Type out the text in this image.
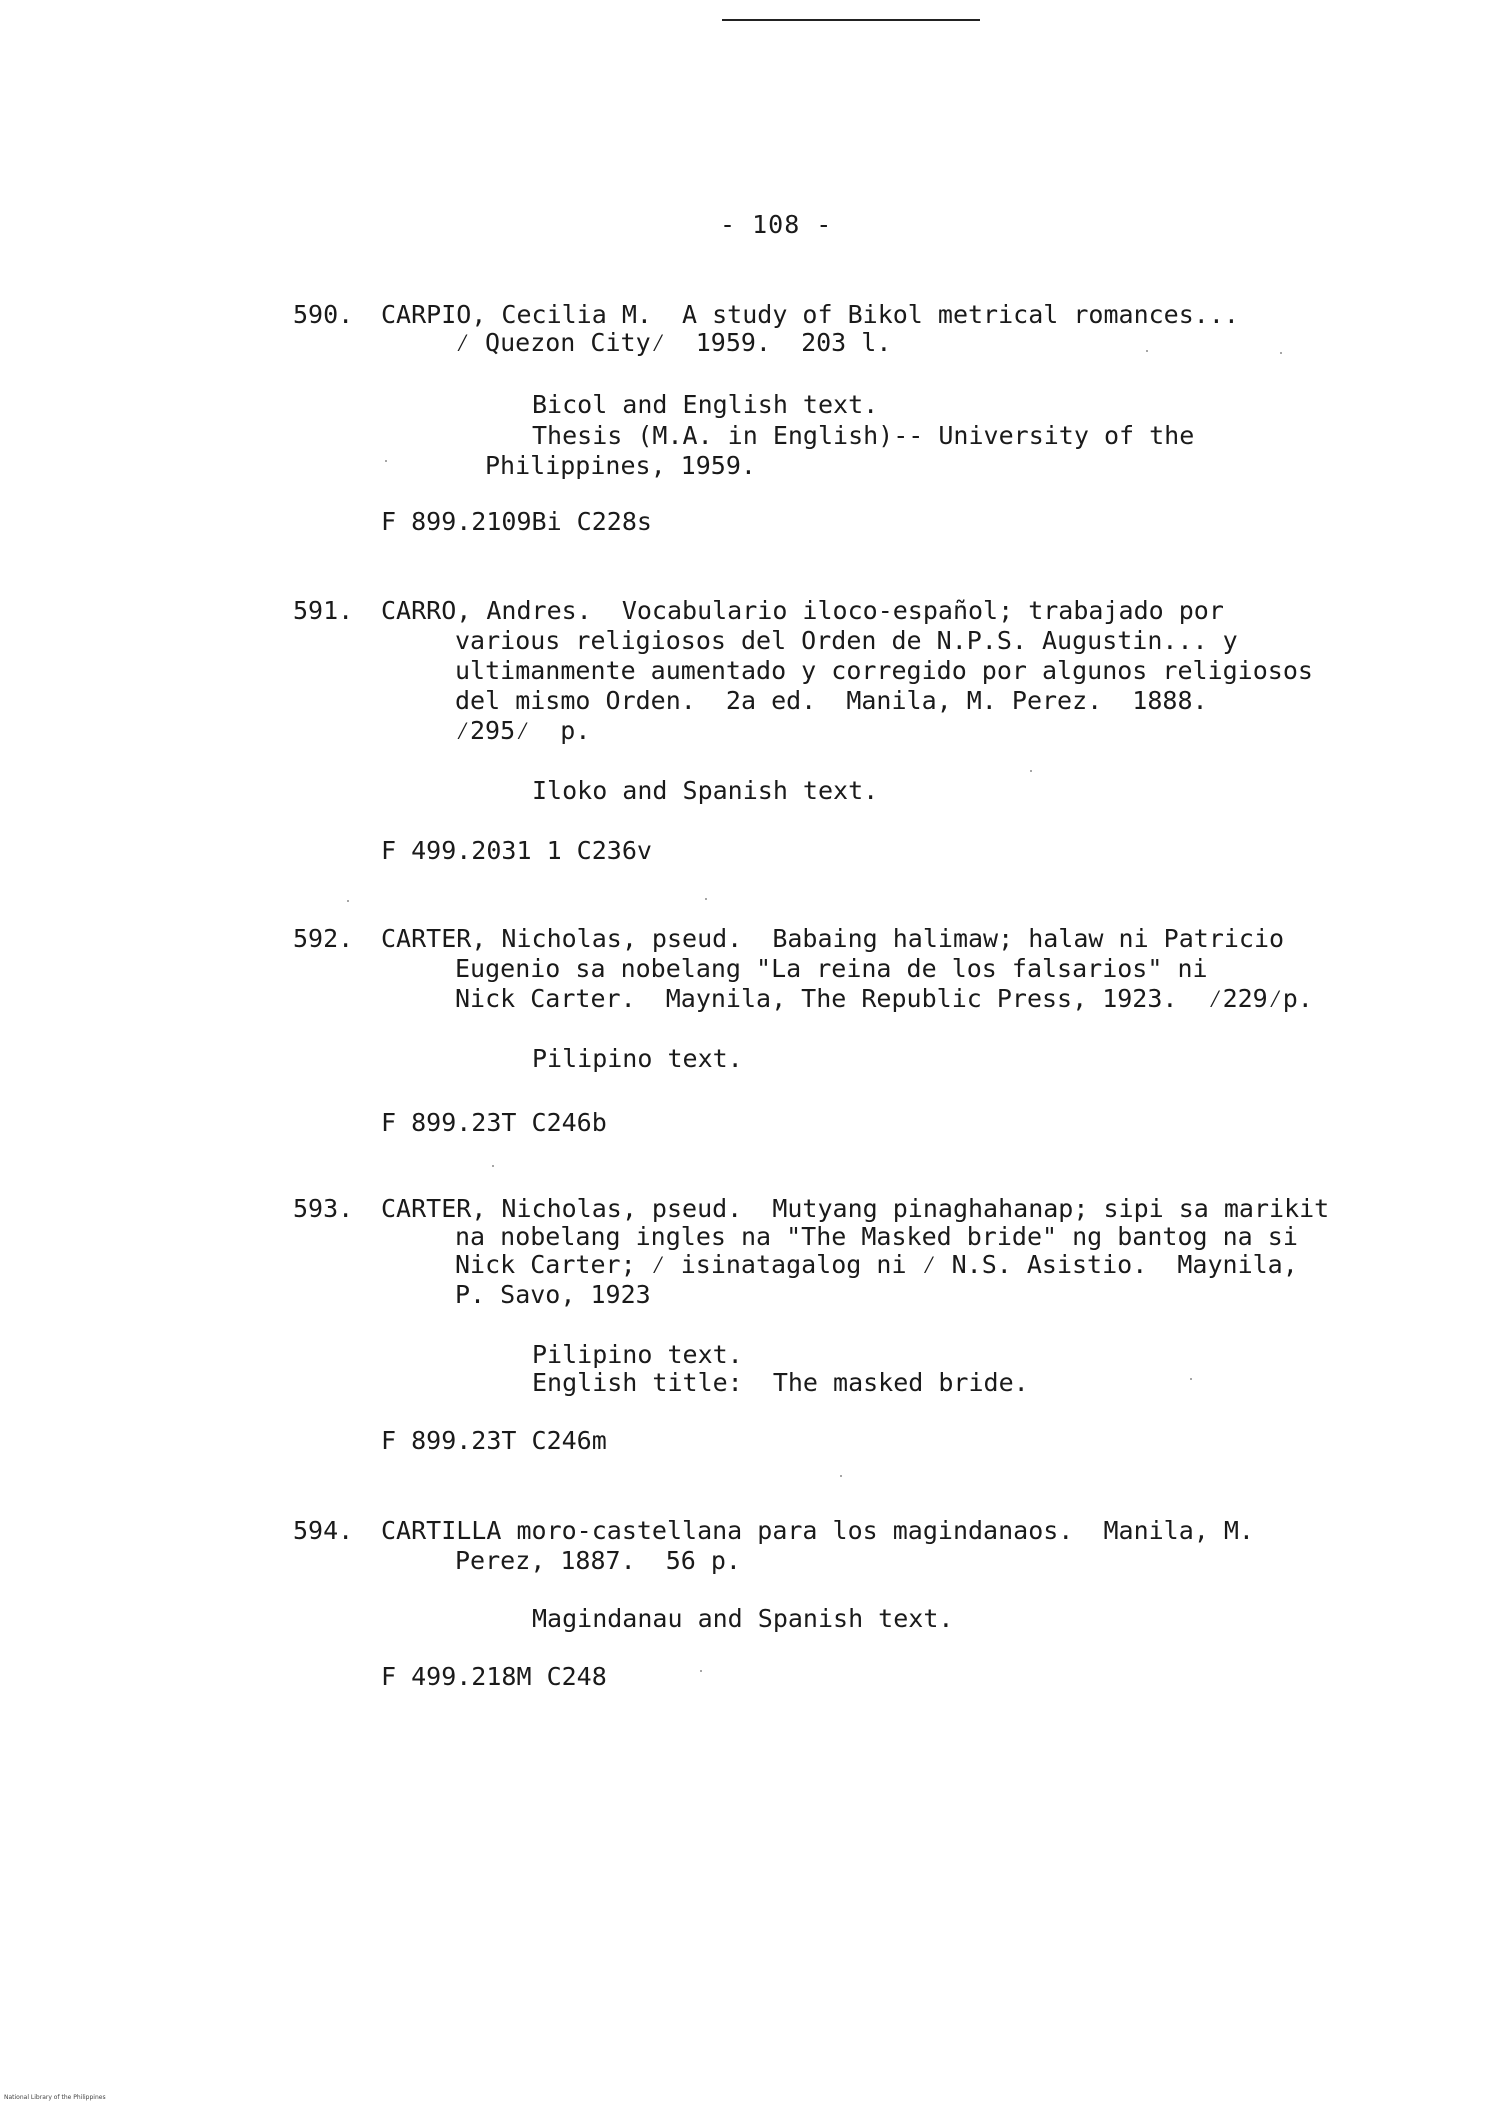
- 108 -
590. CARPIO, Cecilia M.  A study of Bikol metrical romances...
⁄ Quezon City⁄  1959.  203 l.
Bicol and English text.
Thesis (M.A. in English)-- University of the
Philippines, 1959.
F 899.2109Bi C228s
591. CARRO, Andres.  Vocabulario iloco-español; trabajado por
various religiosos del Orden de N.P.S. Augustin... y
ultimanmente aumentado y corregido por algunos religiosos
del mismo Orden.  2a ed.  Manila, M. Perez.  1888.
⁄295⁄  p.
Iloko and Spanish text.
F 499.2031 1 C236v
592. CARTER, Nicholas, pseud.  Babaing halimaw; halaw ni Patricio
Eugenio sa nobelang "La reina de los falsarios" ni
Nick Carter.  Maynila, The Republic Press, 1923.  ⁄229⁄p.
Pilipino text.
F 899.23T C246b
593. CARTER, Nicholas, pseud.  Mutyang pinaghahanap; sipi sa marikit
na nobelang ingles na "The Masked bride" ng bantog na si
Nick Carter; ⁄ isinatagalog ni ⁄ N.S. Asistio.  Maynila,
P. Savo, 1923
Pilipino text.
English title:  The masked bride.
F 899.23T C246m
594. CARTILLA moro-castellana para los magindanaos.  Manila, M.
Perez, 1887.  56 p.
Magindanau and Spanish text.
F 499.218M C248
National Library of the Philippines
